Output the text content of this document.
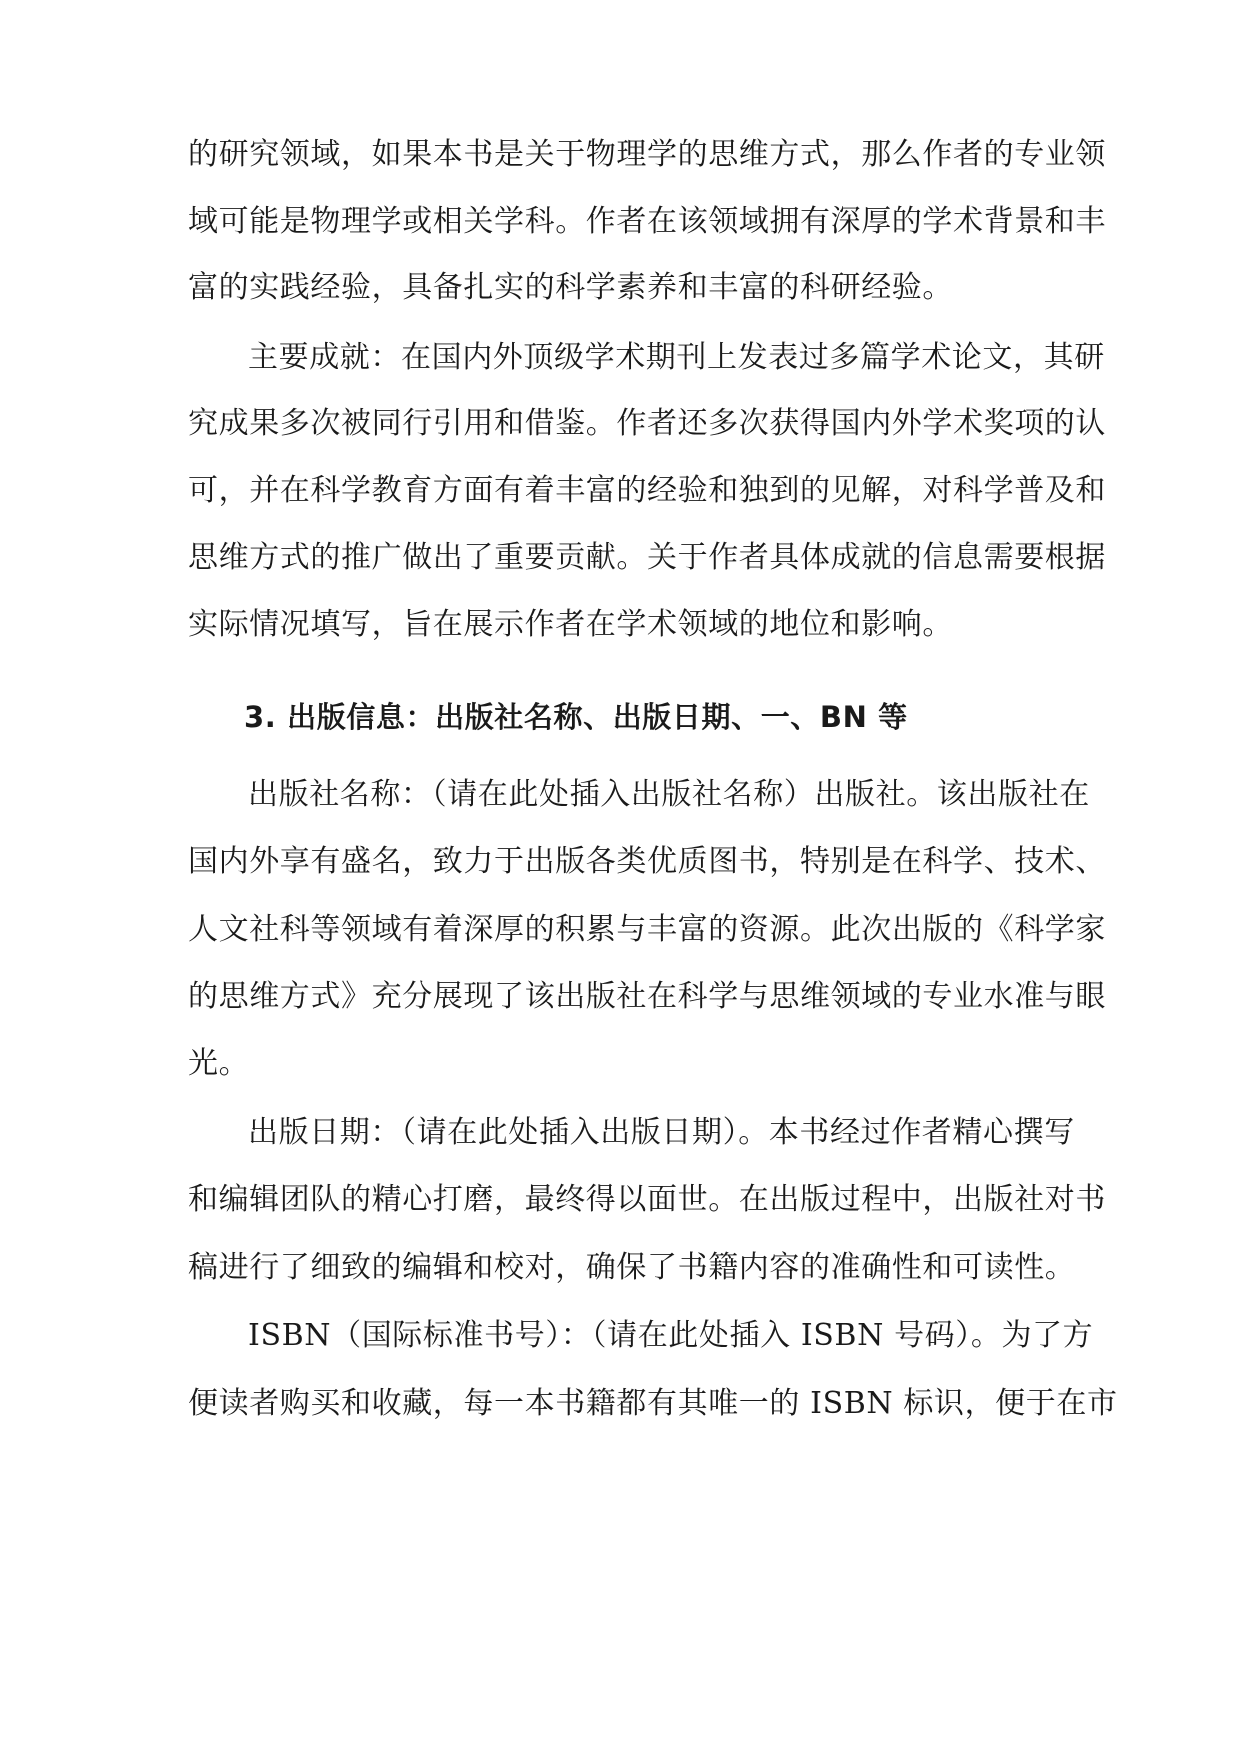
的研究领域，如果本书是关于物理学的思维方式，那么作者的专业领
域可能是物理学或相关学科。作者在该领域拥有深厚的学术背景和丰
富的实践经验，具备扎实的科学素养和丰富的科研经验。
主要成就：在国内外顶级学术期刊上发表过多篇学术论文，其研
究成果多次被同行引用和借鉴。作者还多次获得国内外学术奖项的认
可，并在科学教育方面有着丰富的经验和独到的见解，对科学普及和
思维方式的推广做出了重要贡献。关于作者具体成就的信息需要根据
实际情况填写，旨在展示作者在学术领域的地位和影响。
3. 出版信息：出版社名称、出版日期、一、BN 等
出版社名称：（请在此处插入出版社名称）出版社。该出版社在
国内外享有盛名，致力于出版各类优质图书，特别是在科学、技术、
人文社科等领域有着深厚的积累与丰富的资源。此次出版的《科学家
的思维方式》充分展现了该出版社在科学与思维领域的专业水准与眼
光。
出版日期：（请在此处插入出版日期）。本书经过作者精心撰写
和编辑团队的精心打磨，最终得以面世。在出版过程中，出版社对书
稿进行了细致的编辑和校对，确保了书籍内容的准确性和可读性。
ISBN（国际标准书号）：（请在此处插入 ISBN 号码）。为了方
便读者购买和收藏，每一本书籍都有其唯一的 ISBN 标识，便于在市
